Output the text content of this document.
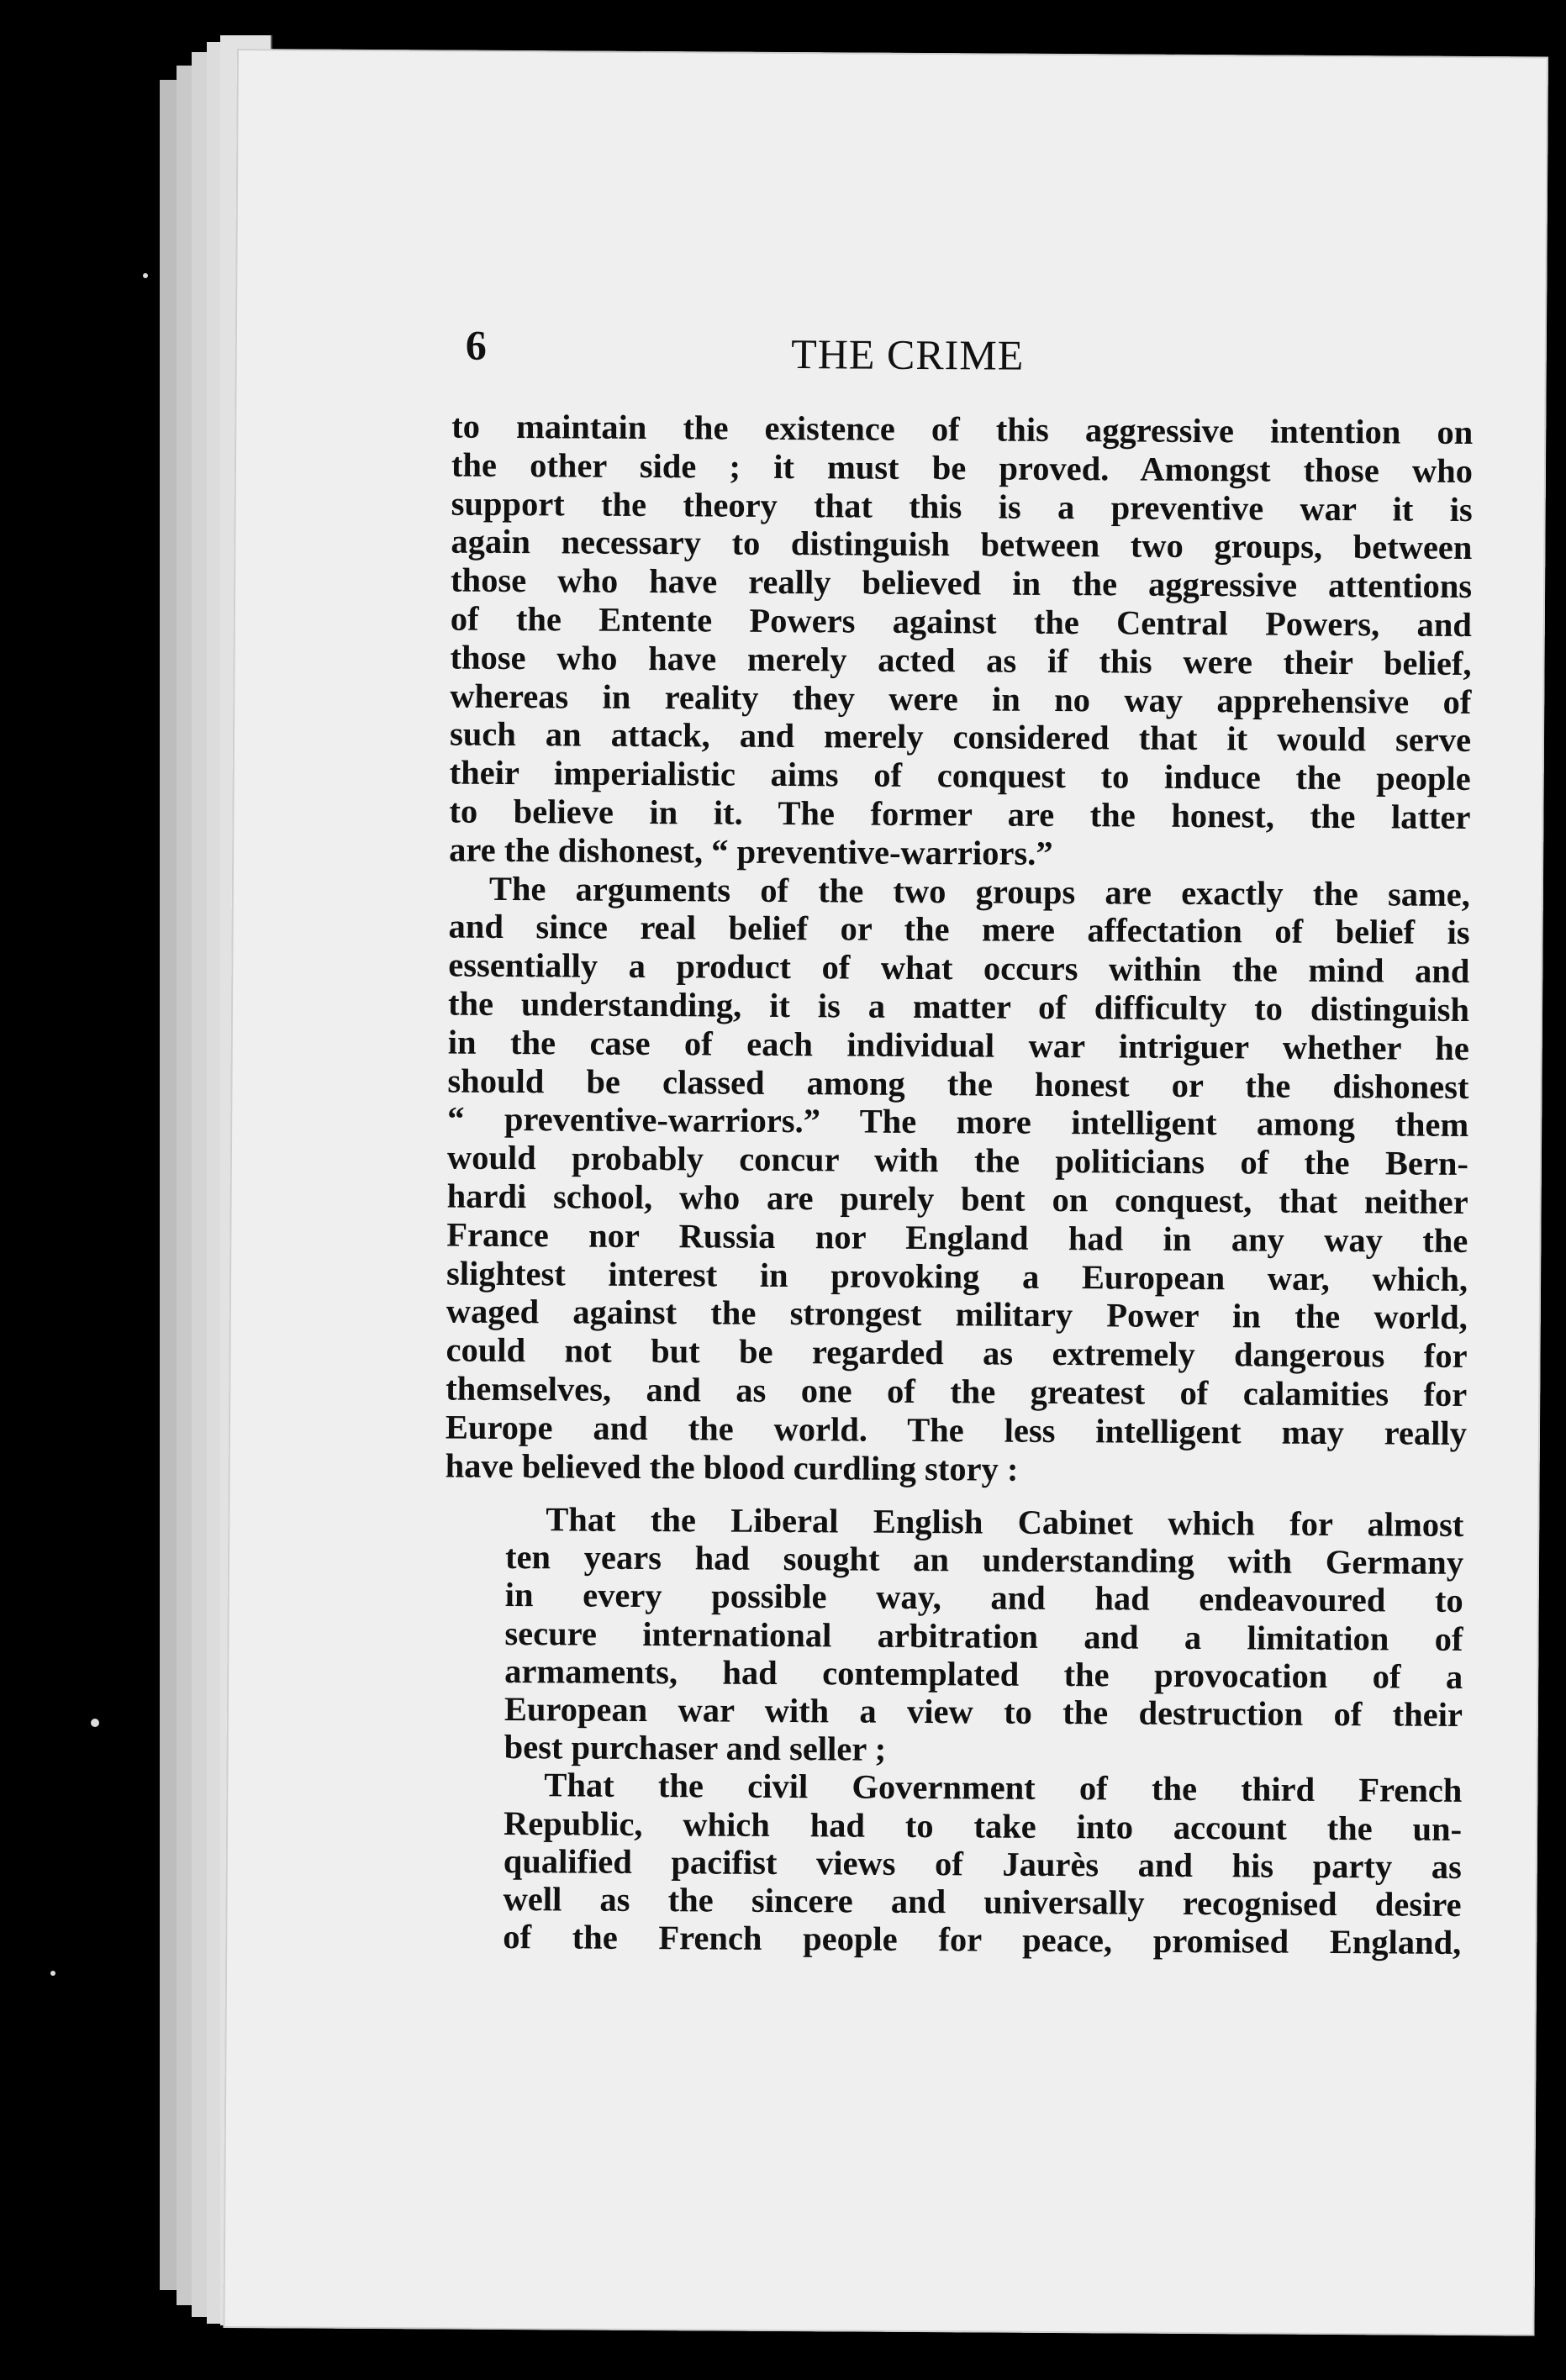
6	THE CRIME

to maintain the existence of this aggressive intention on
the other side ; it must be proved. Amongst those who
support the theory that this is a preventive war it is
again necessary to distinguish between two groups, between
those who have really believed in the aggressive attentions
of the Entente Powers against the Central Powers, and
those who have merely acted as if this were their belief,
whereas in reality they were in no way apprehensive of
such an attack, and merely considered that it would serve
their imperialistic aims of conquest to induce the people
to believe in it. The former are the honest, the latter
are the dishonest, “ preventive-warriors.”

The arguments of the two groups are exactly the same,
and since real belief or the mere affectation of belief is
essentially a product of what occurs within the mind and
the understanding, it is a matter of difficulty to distinguish
in the case of each individual war intriguer whether he
should be classed among the honest or the dishonest
“ preventive-warriors.” The more intelligent among them
would probably concur with the politicians of the Bern-
hardi school, who are purely bent on conquest, that neither
France nor Russia nor England had in any way the
slightest interest in provoking a European war, which,
waged against the strongest military Power in the world,
could not but be regarded as extremely dangerous for
themselves, and as one of the greatest of calamities for
Europe and the world. The less intelligent may really
have believed the blood curdling story :

That the Liberal English Cabinet which for almost
ten years had sought an understanding with Germany
in every possible way, and had endeavoured to
secure international arbitration and a limitation of
armaments, had contemplated the provocation of a
European war with a view to the destruction of their
best purchaser and seller ;

That the civil Government of the third French
Republic, which had to take into account the un-
qualified pacifist views of Jaurès and his party as
well as the sincere and universally recognised desire
of the French people for peace, promised England,
